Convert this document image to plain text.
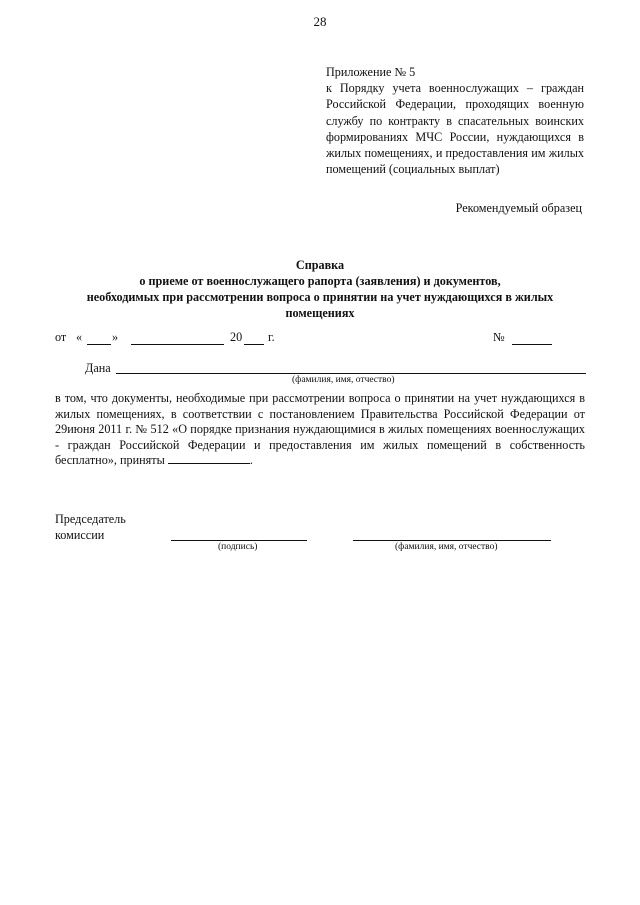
28
Приложение № 5
к Порядку учета военнослужащих – граждан Российской Федерации, проходящих военную службу по контракту в спасательных воинских формированиях МЧС России, нуждающихся в жилых помещениях, и предоставления им жилых помещений (социальных выплат)
Рекомендуемый образец
Справка
о приеме от военнослужащего рапорта (заявления) и документов,
необходимых при рассмотрении вопроса о принятии на учет нуждающихся в жилых
помещениях
от « »	20 г.	№
Дана
(фамилия, имя, отчество)
в том, что документы, необходимые при рассмотрении вопроса о принятии на учет нуждающихся в жилых помещениях, в соответствии с постановлением Правительства Российской Федерации от 29июня 2011 г. № 512 «О порядке признания нуждающимися в жилых помещениях военнослужащих - граждан Российской Федерации и предоставления им жилых помещений в собственность бесплатно», приняты	.
Председатель
комиссии
(подпись)	(фамилия, имя, отчество)
